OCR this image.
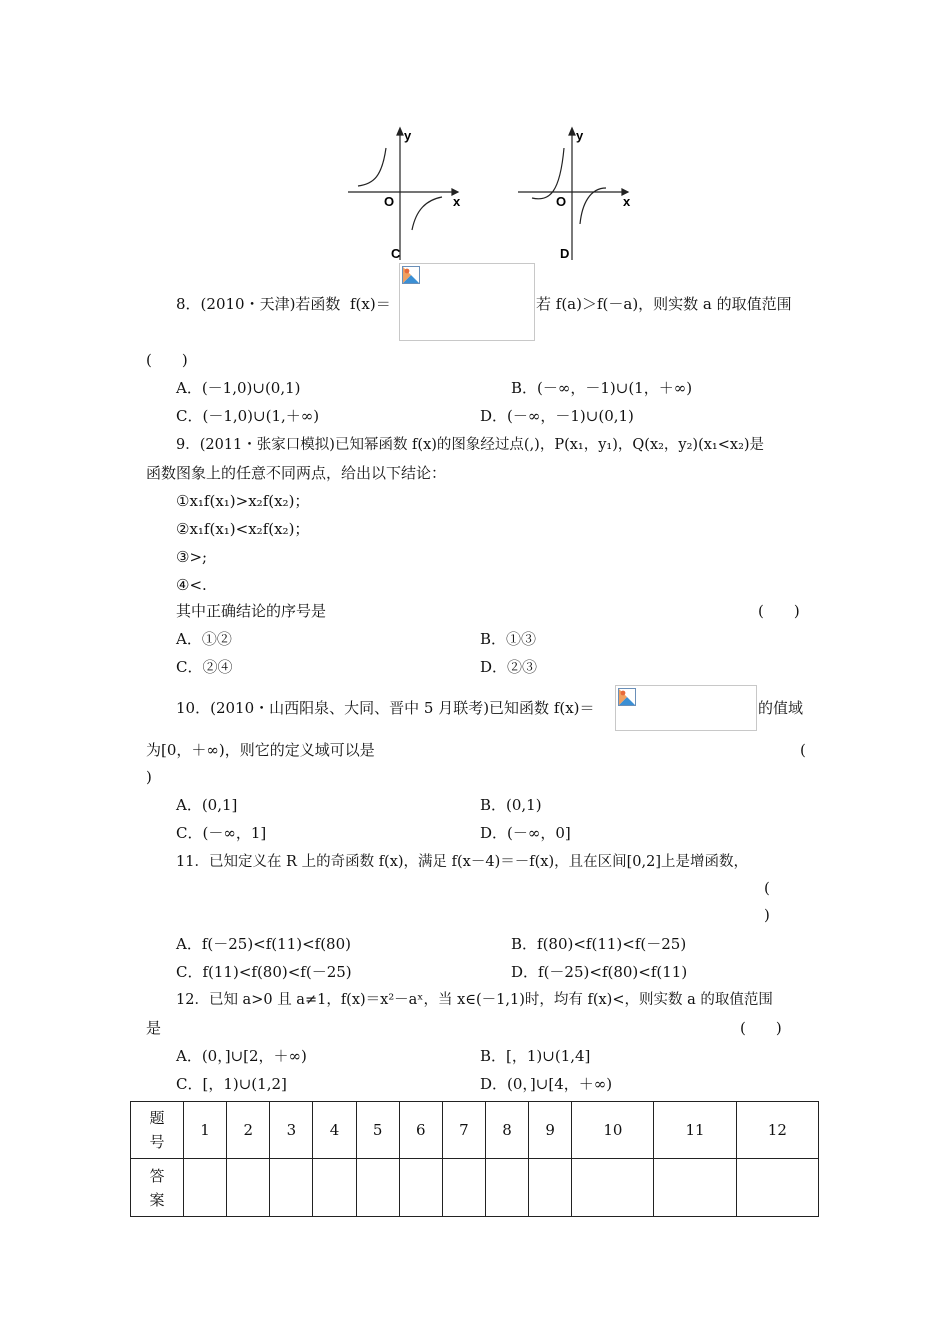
y
x
O
C
y
x
O
D
8．(2010・天津)若函数 f(x)＝	若 f(a)＞f(－a)，则实数 a 的取值范围
(　　)
A．(－1,0)∪(0,1)	B．(－∞，－1)∪(1，＋∞)
C．(－1,0)∪(1,＋∞)	D．(－∞，－1)∪(0,1)
9．(2011・张家口模拟)已知幂函数 f(x)的图象经过点(,)，P(x₁，y₁)，Q(x₂，y₂)(x₁<x₂)是
函数图象上的任意不同两点，给出以下结论：
①x₁f(x₁)>x₂f(x₂)；
②x₁f(x₁)<x₂f(x₂)；
③>;
④<.
其中正确结论的序号是	(　　)
A．①②	B．①③
C．②④	D．②③
10．(2010・山西阳泉、大同、晋中 5 月联考)已知函数 f(x)＝	的值域
为[0，＋∞)，则它的定义域可以是	(
)
A．(0,1]	B．(0,1)
C．(－∞，1]	D．(－∞，0]
11．已知定义在 R 上的奇函数 f(x)，满足 f(x－4)＝－f(x)，且在区间[0,2]上是增函数，
(
)
A．f(－25)<f(11)<f(80)	B．f(80)<f(11)<f(－25)
C．f(11)<f(80)<f(－25)	D．f(－25)<f(80)<f(11)
12．已知 a>0 且 a≠1，f(x)＝x²－aˣ，当 x∈(－1,1)时，均有 f(x)<，则实数 a 的取值范围
是	(　　)
A．(0，]∪[2，＋∞)	B．[，1)∪(1,4]
C．[，1)∪(1,2]	D．(0，]∪[4，＋∞)
题
号	1	2	3	4	5	6	7	8	9	10	11	12

答
案												
